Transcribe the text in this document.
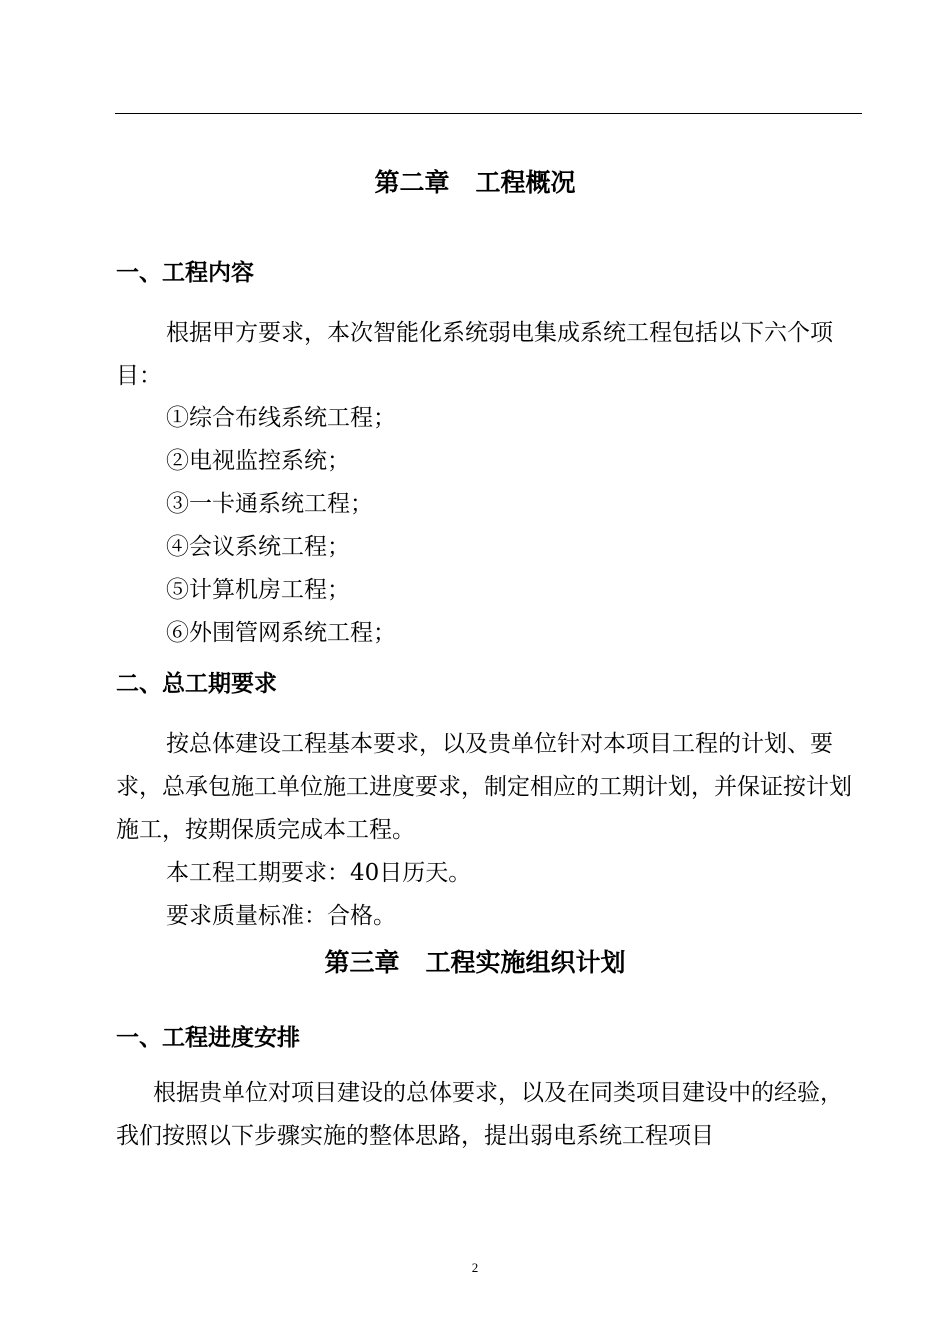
第二章   工程概况
一、工程内容

根据甲方要求，本次智能化系统弱电集成系统工程包括以下六个项目：

①综合布线系统工程；
②电视监控系统；
③一卡通系统工程；
④会议系统工程；
⑤计算机房工程；
⑥外围管网系统工程；
二、总工期要求

按总体建设工程基本要求，以及贵单位针对本项目工程的计划、要求，总承包施工单位施工进度要求，制定相应的工期计划，并保证按计划施工，按期保质完成本工程。

本工程工期要求：40日历天。
要求质量标准：合格。
第三章   工程实施组织计划
一、工程进度安排

根据贵单位对项目建设的总体要求，以及在同类项目建设中的经验，我们按照以下步骤实施的整体思路，提出弱电系统工程项目

2
